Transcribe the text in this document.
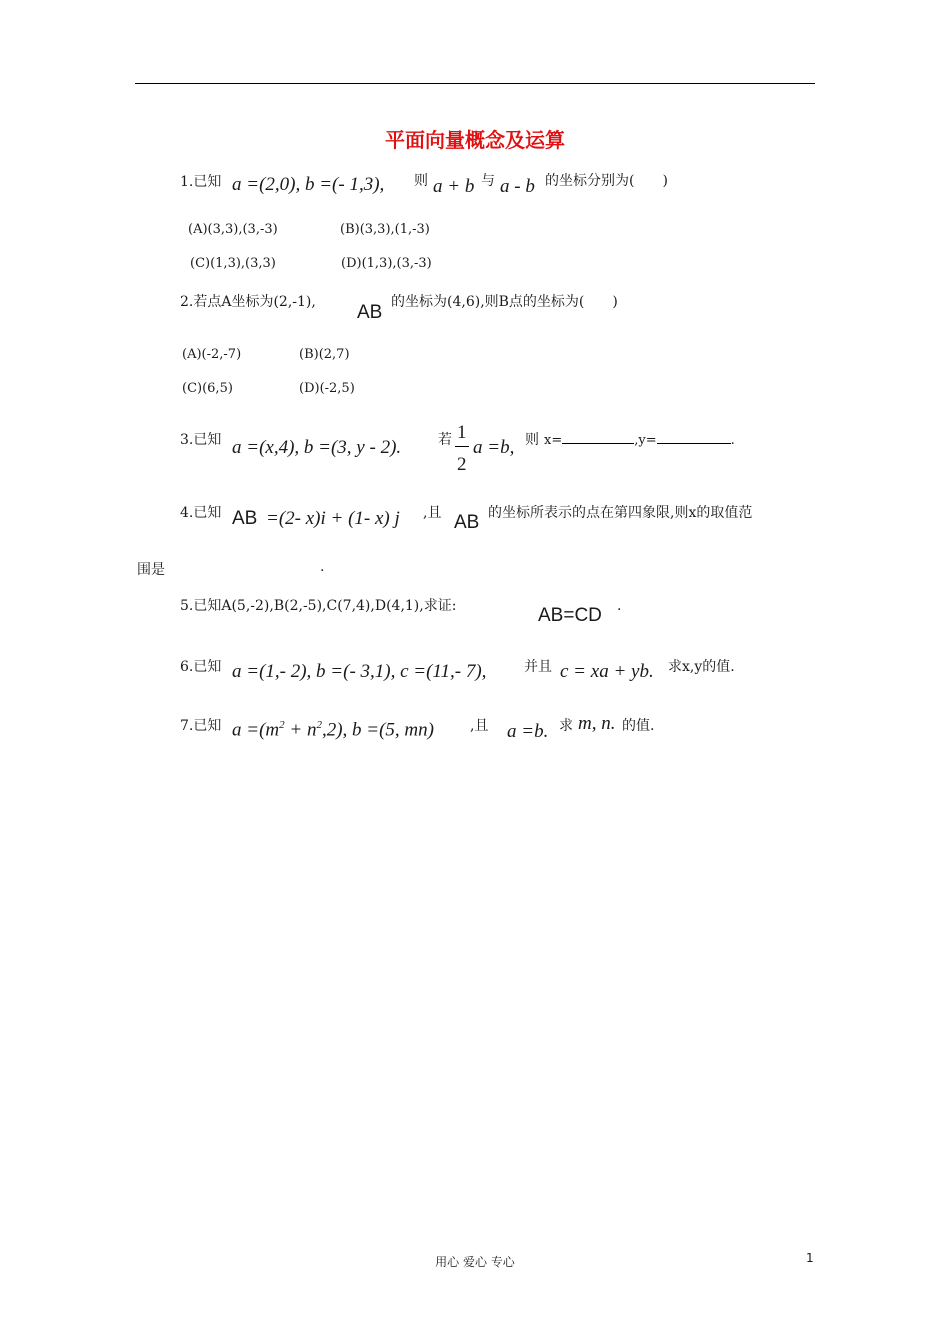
平面向量概念及运算
1.已知 a =(2,0), b =(- 1,3), 则 a + b 与 a - b 的坐标分别为(　　)
(A)(3,3),(3,-3)	(B)(3,3),(1,-3)
(C)(1,3),(3,3)	(D)(1,3),(3,-3)
2.若点A坐标为(2,-1), AB 的坐标为(4,6),则B点的坐标为(　　)
(A)(-2,-7)	(B)(2,7)
(C)(6,5)	(D)(-2,5)
3.已知 a =(x,4), b =(3, y - 2).	若 1
2
a =b, 则 x=	,y=	.
4.已知 AB =(2- x)i + (1- x) j ,且 AB 的坐标所表示的点在第四象限,则x的取值范
围是	.
5.已知A(5,-2),B(2,-5),C(7,4),D(4,1),求证:	AB=CD .
6.已知 a =(1,- 2), b =(- 3,1), c =(11,- 7),	并且 c = xa + yb. 求x,y的值.
7.已知 $a =(m^2 + n^2,2)$, b =(5, mn)	,且 a =b. 求 m, n. 的值.
用心 爱心 专心	1
